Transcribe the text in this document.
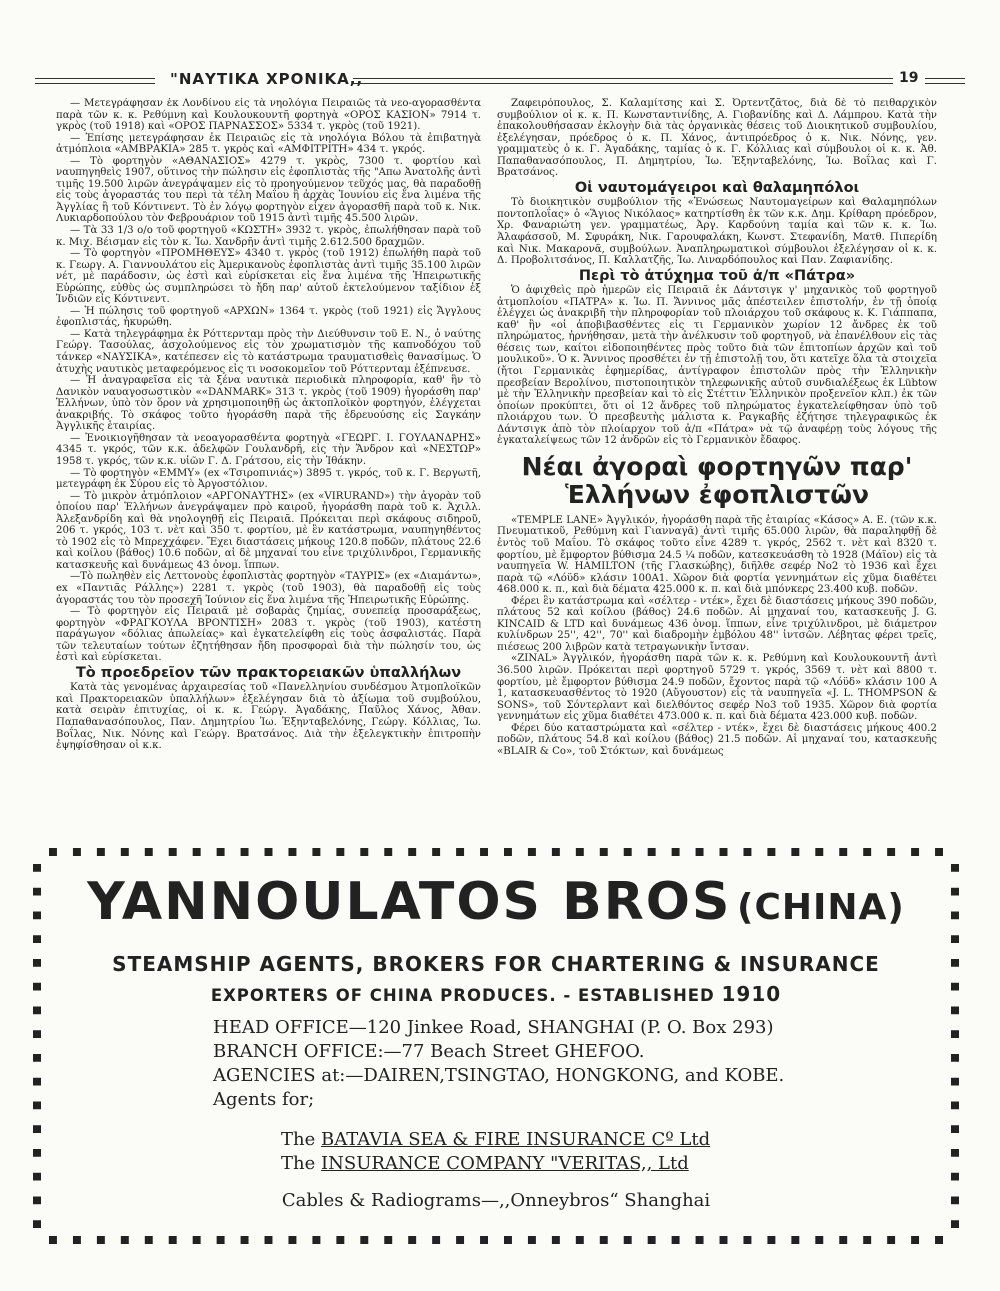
"ΝΑΥΤΙΚΑ ΧΡΟΝΙΚΑ,,	19

— Μετεγράφησαν ἐκ Λονδίνου εἰς τὰ νηολόγια Πειραιῶς τὰ νεο-αγορασθέντα παρὰ τῶν κ. κ. Ρεθύμνη καὶ Κουλουκουντῆ φορτηγὰ «ΟΡΟΣ ΚΑΣΙΟΝ» 7914 τ. γκρὸς (τοῦ 1918) καὶ «ΟΡΟΣ ΠΑΡΝΑΣΣΟΣ» 5334 τ. γκρὸς (τοῦ 1921).

— Ἐπίσης μετεγράφησαν ἐκ Πειραιῶς εἰς τὰ νηολόγια Βόλου τὰ ἐπιβατηγὰ ἀτμόπλοια «ΑΜΒΡΑΚΙΑ» 285 τ. γκρὸς καὶ «ΑΜΦΙΤΡΙΤΗ» 434 τ. γκρός.

— Τὸ φορτηγὸν «ΑΘΑΝΑΣΙΟΣ» 4279 τ. γκρὸς, 7300 τ. φορτίου καὶ ναυπηγηθεὶς 1907, οὕτινος τὴν πώλησιν εἰς ἐφοπλιστὰς τῆς "Απω Ἀνατολῆς ἀντὶ τιμῆς 19.500 λιρῶν ἀνεγράψαμεν εἰς τὸ προηγούμενον τεῦχός μας, θὰ παραδοθῇ εἰς τοὺς ἀγοραστάς του περὶ τὰ τέλη Μαΐου ἢ ἀρχὰς Ἰουνίου εἰς ἕνα λιμένα τῆς Ἀγγλίας ἢ τοῦ Κόντινεντ. Τὸ ἐν λόγῳ φορτηγὸν εἶχεν ἀγορασθῆ παρὰ τοῦ κ. Νικ. Λυκιαρδοπούλου τὸν Φεβρουάριον τοῦ 1915 ἀντὶ τιμῆς 45.500 λιρῶν.

— Τὰ 33 1/3 ο/ο τοῦ φορτηγοῦ «ΚΩΣΤΗ» 3932 τ. γκρὸς, ἐπωλήθησαν παρὰ τοῦ κ. Μιχ. Βέισμαν εἰς τὸν κ. Ἰω. Χανδρῆν ἀντὶ τιμῆς 2.612.500 δραχμῶν.

— Τὸ φορτηγὸν «ΠΡΟΜΗΘΕΥΣ» 4340 τ. γκρὸς (τοῦ 1912) ἐπωλήθη παρὰ τοῦ κ. Γεωργ. Α. Γιαννουλάτου εἰς Ἀμερικανοὺς ἐφοπλιστὰς ἀντὶ τιμῆς 35.100 λιρῶν νέτ, μὲ παράδοσιν, ὡς ἐστὶ καὶ εὑρίσκεται εἰς ἕνα λιμένα τῆς Ἠπειρωτικῆς Εὐρώπης, εὐθὺς ὡς συμπληρώσει τὸ ἤδη παρ' αὐτοῦ ἐκτελούμενον ταξίδιον ἐξ Ἰνδιῶν εἰς Κόντινεντ.

— Ἡ πώλησις τοῦ φορτηγοῦ «ΑΡΧΩΝ» 1364 τ. γκρὸς (τοῦ 1921) εἰς Ἄγγλους ἐφοπλιστάς, ἠκυρώθη.

— Κατὰ τηλεγράφημα ἐκ Ρόττερνταμ πρὸς τὴν Διεύθυνσιν τοῦ Ε. Ν., ὁ ναύτης Γεώργ. Τασούλας, ἀσχολούμενος εἰς τὸν χρωματισμὸν τῆς καπνοδόχου τοῦ τάνκερ «ΝΑΥΣΙΚΑ», κατέπεσεν εἰς τὸ κατάστρωμα τραυματισθεὶς θανασίμως. Ὁ ἀτυχὴς ναυτικὸς μεταφερόμενος εἰς τι νοσοκομεῖον τοῦ Ρόττερνταμ ἐξέπνευσε.

— Ἡ ἀναγραφεῖσα εἰς τὰ ξένα ναυτικὰ περιοδικὰ πληροφορία, καθ' ἣν τὸ Δανικὸν ναυαγοσωστικὸν ««DANMARK» 313 τ. γκρὸς (τοῦ 1909) ἠγοράσθη παρ' Ἑλλήνων, ὑπὸ τὸν ὅρον νὰ χρησιμοποιηθῇ ὡς ἀκτοπλοϊκὸν φορτηγόν, ἐλέγχεται ἀνακριβής. Τὸ σκάφος τοῦτο ἠγοράσθη παρὰ τῆς ἑδρευούσης εἰς Σαγκάην Ἀγγλικῆς ἑταιρίας.

— Ἐνοικιογῆθησαν τὰ νεοαγορασθέντα φορτηγὰ «ΓΕΩΡΓ. Ι. ΓΟΥΛΑΝΔΡΗΣ» 4345 τ. γκρός, τῶν κ.κ. ἀδελφῶν Γουλανδρῆ, εἰς τὴν Ἄνδρον καὶ «ΝΕΣΤΩΡ» 1958 τ. γκρός, τῶν κ.κ. υἱῶν Γ. Δ. Γράτσου, εἰς τὴν Ἰθάκην.

— Τὸ φορτηγὸν «ΕΜΜΥ» (ex «Τσιροπινιάς») 3895 τ. γκρός, τοῦ κ. Γ. Βεργωτῆ, μετεγράφη ἐκ Σύρου εἰς τὸ Ἀργοστόλιον.

— Τὸ μικρὸν ἀτμόπλοιον «ΑΡΓΟΝΑΥΤΗΣ» (ex «VIRURAND») τὴν ἀγορὰν τοῦ ὁποίου παρ' Ἑλλήνων ἀνεγράψαμεν πρὸ καιροῦ, ἠγοράσθη παρὰ τοῦ κ. Ἀχιλλ. Ἀλεξανδρίδη καὶ θὰ νηολογηθῇ εἰς Πειραιᾶ. Πρόκειται περὶ σκάφους σιδηροῦ, 206 τ. γκρός, 103 τ. νὲτ καὶ 350 τ. φορτίου, μὲ ἓν κατάστρωμα, ναυπηγηθέντος τὸ 1902 εἰς τὸ Μπρεχχάφεν. Ἔχει διαστάσεις μήκους 120.8 ποδῶν, πλάτους 22.6 καὶ κοίλου (βάθος) 10.6 ποδῶν, αἱ δὲ μηχαναί του εἶνε τριχύλινδροι, Γερμανικῆς κατασκευῆς καὶ δυνάμεως 43 ὀνομ. ἵππων.

—Τὸ πωληθὲν εἰς Λεττονοὺς ἐφοπλιστὰς φορτηγὸν «ΤΑΥΡΙΣ» (ex «Διαμάντω», ex «Παντιᾶς Ράλλης») 2281 τ. γκρὸς (τοῦ 1903), θὰ παραδοθῇ εἰς τοὺς ἀγοραστάς του τὸν προσεχῆ Ἰούνιον εἰς ἕνα λιμένα τῆς Ἠπειρωτικῆς Εὐρώπης.

— Τὸ φορτηγὸν εἰς Πειραιᾶ μὲ σοβαρὰς ζημίας, συνεπείᾳ προσαράξεως, φορτηγὸν «ΦΡΑΓΚΟΥΛΑ ΒΡΟΝΤΙΣΗ» 2083 τ. γκρὸς (τοῦ 1903), κατέστη παράγωγον «δόλιας ἀπωλείας» καὶ ἐγκατελείφθη εἰς τοὺς ἀσφαλιστάς. Παρὰ τῶν τελευταίων τούτων ἐζητήθησαν ἤδη προσφοραὶ διὰ τὴν πώλησίν του, ὡς ἐστὶ καὶ εὑρίσκεται.

Τὸ προεδρεῖον τῶν πρακτορειακῶν ὑπαλλήλων

Κατὰ τὰς γενομένας ἀρχαιρεσίας τοῦ «Πανελληνίου συνδέσμου Ἀτμοπλοϊκῶν καὶ Πρακτορειακῶν ὑπαλλήλων» ἐξελέγησαν διὰ τὸ ἀξίωμα τοῦ συμβούλου, κατὰ σειρὰν ἐπιτυχίας, οἱ κ. κ. Γεώργ. Ἀγαδάκης, Παῦλος Χάνος, Ἀθαν. Παπαθανασόπουλος, Παν. Δημητρίου Ἰω. Ἐξηνταβελόνης, Γεώργ. Κόλλιας, Ἰω. Βοΐλας, Νικ. Νόνης καὶ Γεώργ. Βρατσάνος. Διὰ τὴν ἐξελεγκτικὴν ἐπιτροπὴν ἐψηφίσθησαν οἱ κ.κ.

Ζαφειρόπουλος, Σ. Καλαμίτσης καὶ Σ. Ὀρτεντζᾶτος, διὰ δὲ τὸ πειθαρχικὸν συμβούλιον οἱ κ. κ. Π. Κωνσταντινίδης, Α. Γιοβανίδης καὶ Δ. Λάμπρου. Κατὰ τὴν ἐπακολουθήσασαν ἐκλογὴν διὰ τὰς ὀργανικὰς θέσεις τοῦ Διοικητικοῦ συμβουλίου, ἐξελέγησαν, πρόεδρος ὁ κ. Π. Χάνος, ἀντιπρόεδρος ὁ κ. Νικ. Νόνης, γεν. γραμματεὺς ὁ κ. Γ. Ἀγαδάκης, ταμίας ὁ κ. Γ. Κόλλιας καὶ σύμβουλοι οἱ κ. κ. Ἀθ. Παπαθανασόπουλος, Π. Δημητρίου, Ἰω. Ἐξηνταβελόνης, Ἰω. Βοΐλας καὶ Γ. Βρατσάνος.

Οἱ ναυτομάγειροι καὶ θαλαμηπόλοι

Τὸ διοικητικὸν συμβούλιον τῆς «Ἑνώσεως Ναυτομαγείρων καὶ Θαλαμηπόλων ποντοπλοΐας» ὁ «Ἅγιος Νικόλαος» κατηρτίσθη ἐκ τῶν κ.κ. Δημ. Κρίθαρη πρόεδρον, Χρ. Φαναριώτη γεν. γραμματέως, Ἀργ. Καρδούνη ταμία καὶ τῶν κ. κ. Ἰω. Ἀλαφάσσοῦ, Μ. Σφυράκη, Νικ. Γαρουφαλάκη, Κωνστ. Στεφανίδη, Ματθ. Πιπερίδη καὶ Νικ. Μακαρονᾶ, συμβούλων. Ἀναπληρωματικοὶ σύμβουλοι ἐξελέγησαν οἱ κ. κ. Δ. Προβολιτσάνος, Π. Καλλατζῆς, Ἰω. Λιναρδόπουλος καὶ Παν. Ζαφιανίδης.

Περὶ τὸ ἀτύχημα τοῦ ἀ/π «Πάτρα»

Ὁ ἀφιχθεὶς πρὸ ἡμερῶν εἰς Πειραιᾶ ἐκ Δάντσιγκ γ' μηχανικὸς τοῦ φορτηγοῦ ἀτμοπλοίου «ΠΑΤΡΑ» κ. Ἰω. Π. Ἄννινος μᾶς ἀπέστειλεν ἐπιστολήν, ἐν τῇ ὁποίᾳ ἐλέγχει ὡς ἀνακριβῆ τὴν πληροφορίαν τοῦ πλοιάρχου τοῦ σκάφους κ. Κ. Γιάππαπα, καθ' ἣν «οἱ ἀποβιβασθέντες εἰς τι Γερμανικὸν χωρίον 12 ἄνδρες ἐκ τοῦ πληρώματος, ἠρνήθησαν, μετὰ τὴν ἀνέλκυσιν τοῦ φορτηγοῦ, νὰ ἐπανέλθουν εἰς τὰς θέσεις των, καίτοι εἰδοποιηθέντες πρὸς τοῦτο διὰ τῶν ἐπιτοπίων ἀρχῶν καὶ τοῦ μουλικοῦ». Ὁ κ. Ἄννινος προσθέτει ἐν τῇ ἐπιστολῇ του, ὅτι κατεῖχε ὅλα τὰ στοιχεῖα (ἤτοι Γερμανικὰς ἐφημερίδας, ἀντίγραφον ἐπιστολῶν πρὸς τὴν Ἑλληνικὴν πρεσβείαν Βερολίνου, πιστοποιητικὸν τηλεφωνικῆς αὐτοῦ συνδιαλέξεως ἐκ Lübtow μὲ τὴν Ἑλληνικὴν πρεσβείαν καὶ τὸ εἰς Στέττιν Ἑλληνικὸν προξενεῖον κλπ.) ἐκ τῶν ὁποίων προκύπτει, ὅτι οἱ 12 ἄνδρες τοῦ πληρώματος ἐγκατελείφθησαν ὑπὸ τοῦ πλοιάρχου των. Ὁ πρεσβευτὴς μάλιστα κ. Ραγκαβῆς ἐζήτησε τηλεγραφικῶς ἐκ Δάντσιγκ ἀπὸ τὸν πλοίαρχον τοῦ ἀ/π «Πάτρα» νὰ τῷ ἀναφέρῃ τοὺς λόγους τῆς ἐγκαταλείψεως τῶν 12 ἀνδρῶν εἰς τὸ Γερμανικὸν ἔδαφος.

Νέαι ἀγοραὶ φορτηγῶν παρ' Ἑλλήνων ἐφοπλιστῶν

«TEMPLE LANE» Ἀγγλικόν, ἠγοράσθη παρὰ τῆς ἑταιρίας «Κάσος» Α. Ε. (τῶν κ.κ. Πνευματικοῦ, Ρεθύμνη καὶ Γιανναγᾶ) ἀντὶ τιμῆς 65.000 λιρῶν, θὰ παραληφθῇ δὲ ἐντὸς τοῦ Μαΐου. Τὸ σκάφος τοῦτο εἶνε 4289 τ. γκρός, 2562 τ. νὲτ καὶ 8320 τ. φορτίου, μὲ ἔμφορτον βύθισμα 24.5 ¼ ποδῶν, κατεσκευάσθη τὸ 1928 (Μάϊον) εἰς τὰ ναυπηγεῖα W. HAMILTON (τῆς Γλασκώβης), διῆλθε σεφέρ No2 τὸ 1936 καὶ ἔχει παρὰ τῷ «Λόϋδ» κλάσιν 100A1. Χῶρον διὰ φορτία γεννημάτων εἰς χῦμα διαθέτει 468.000 κ. π., καὶ διὰ δέματα 425.000 κ. π. καὶ διὰ μπόνκερς 23.400 κυβ. ποδῶν.

Φέρει ἓν κατάστρωμα καὶ «σέλτερ - ντέκ», ἔχει δὲ διαστάσεις μήκους 390 ποδῶν, πλάτους 52 καὶ κοίλου (βάθος) 24.6 ποδῶν. Αἱ μηχαναί του, κατασκευῆς J. G. KINCAID & LTD καὶ δυνάμεως 436 ὀνομ. ἵππων, εἶνε τριχύλινδροι, μὲ διάμετρον κυλίνδρων 25'', 42'', 70'' καὶ διαδρομὴν ἐμβόλου 48'' ἰντσῶν. Λέβητας φέρει τρεῖς, πιέσεως 200 λιβρῶν κατὰ τετραγωνικὴν ἴντσαν.

«ZINAL» Ἀγγλικόν, ἠγοράσθη παρὰ τῶν κ. κ. Ρεθύμνη καὶ Κουλουκουντῆ ἀντὶ 36.500 λιρῶν. Πρόκειται περὶ φορτηγοῦ 5729 τ. γκρός, 3569 τ. νὲτ καὶ 8800 τ. φορτίου, μὲ ἔμφορτον βύθισμα 24.9 ποδῶν, ἔχοντος παρὰ τῷ «Λόϋδ» κλάσιν 100 A 1, κατασκευασθέντος τὸ 1920 (Αὔγουστον) εἰς τὰ ναυπηγεῖα «J. L. THOMPSON & SONS», τοῦ Σόντερλαντ καὶ διελθόντος σεφέρ No3 τοῦ 1935. Χῶρον διὰ φορτία γεννημάτων εἰς χῦμα διαθέτει 473.000 κ. π. καὶ διὰ δέματα 423.000 κυβ. ποδῶν.

Φέρει δύο καταστρώματα καὶ «σέλτερ - ντέκ», ἔχει δὲ διαστάσεις μήκους 400.2 ποδῶν, πλάτους 54.8 καὶ κοίλου (βάθος) 21.5 ποδῶν. Αἱ μηχαναί του, κατασκευῆς «BLAIR & Co», τοῦ Στόκτων, καὶ δυνάμεως

YANNOULATOS BROS (CHINA)
STEAMSHIP AGENTS, BROKERS FOR CHARTERING & INSURANCE
EXPORTERS OF CHINA PRODUCES. - ESTABLISHED 1910
HEAD OFFICE—120 Jinkee Road, SHANGHAI (P. O. Box 293)
BRANCH OFFICE:—77 Beach Street GHEFOO.
AGENCIES at:—DAIREN,TSINGTAO, HONGKONG, and KOBE.
Agents for;
The BATAVIA SEA & FIRE INSURANCE Cº Ltd
The INSURANCE COMPANY "VERITAS,, Ltd
Cables & Radiograms—,,Onneybros“ Shanghai
